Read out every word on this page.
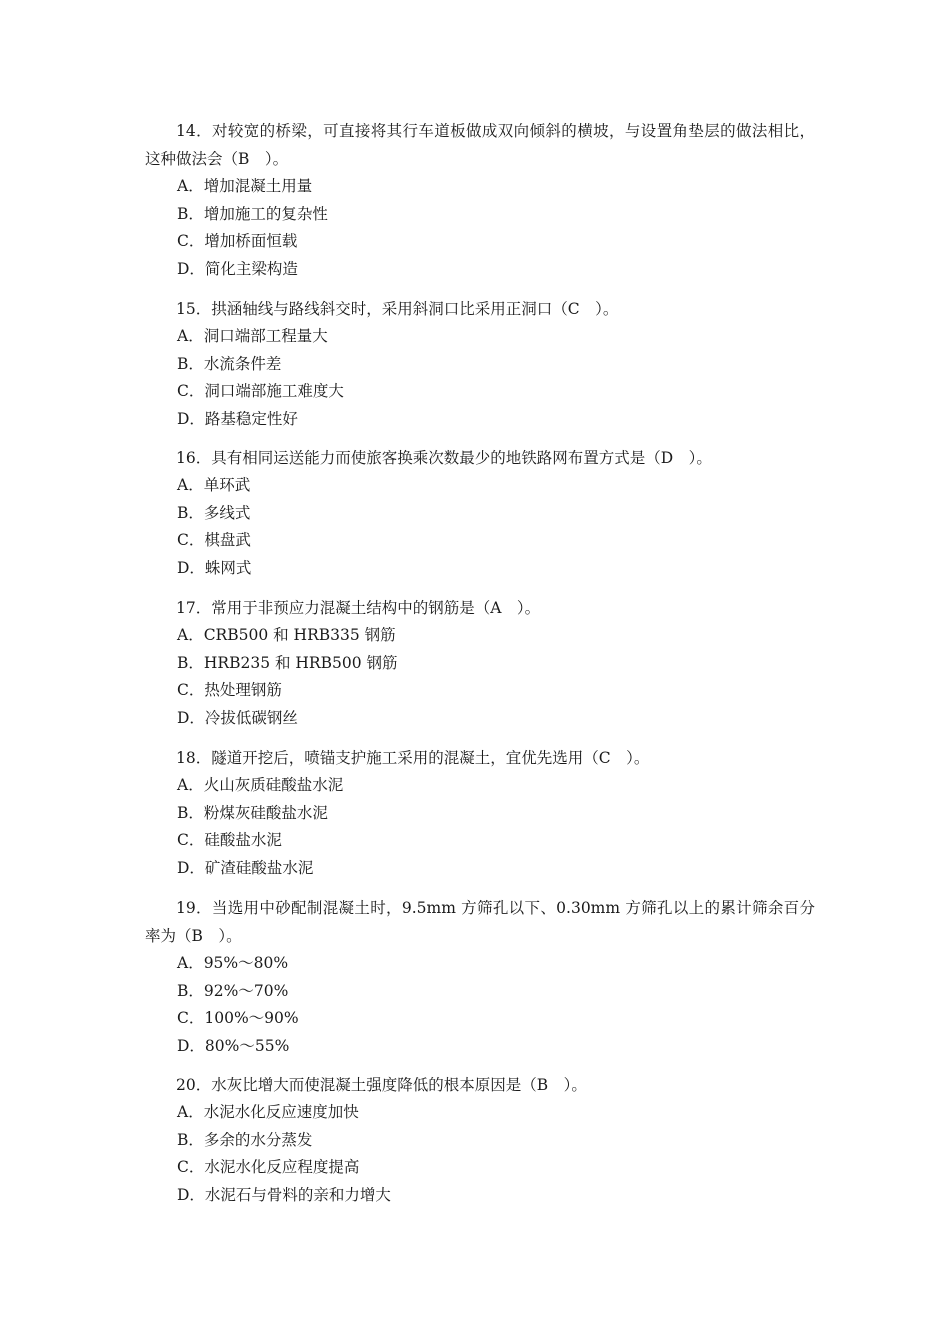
14．对较宽的桥梁，可直接将其行车道板做成双向倾斜的横坡，与设置角垫层的做法相比，这种做法会（B　）。

A．增加混凝土用量
B．增加施工的复杂性
C．增加桥面恒载
D．简化主梁构造

15．拱涵轴线与路线斜交时，采用斜洞口比采用正洞口（C　）。

A．洞口端部工程量大
B．水流条件差
C．洞口端部施工难度大
D．路基稳定性好

16．具有相同运送能力而使旅客换乘次数最少的地铁路网布置方式是（D　）。

A．单环武
B．多线式
C．棋盘武
D．蛛网式

17．常用于非预应力混凝土结构中的钢筋是（A　）。

A．CRB500 和 HRB335 钢筋
B．HRB235 和 HRB500 钢筋
C．热处理钢筋
D．冷拔低碳钢丝

18．隧道开挖后，喷锚支护施工采用的混凝土，宜优先选用（C　）。

A．火山灰质硅酸盐水泥
B．粉煤灰硅酸盐水泥
C．硅酸盐水泥
D．矿渣硅酸盐水泥

19．当选用中砂配制混凝土时，9.5mm 方筛孔以下、0.30mm 方筛孔以上的累计筛余百分率为（B　）。

A．95%～80%
B．92%～70%
C．100%～90%
D．80%～55%

20．水灰比增大而使混凝土强度降低的根本原因是（B　）。

A．水泥水化反应速度加快
B．多余的水分蒸发
C．水泥水化反应程度提高
D．水泥石与骨料的亲和力增大
